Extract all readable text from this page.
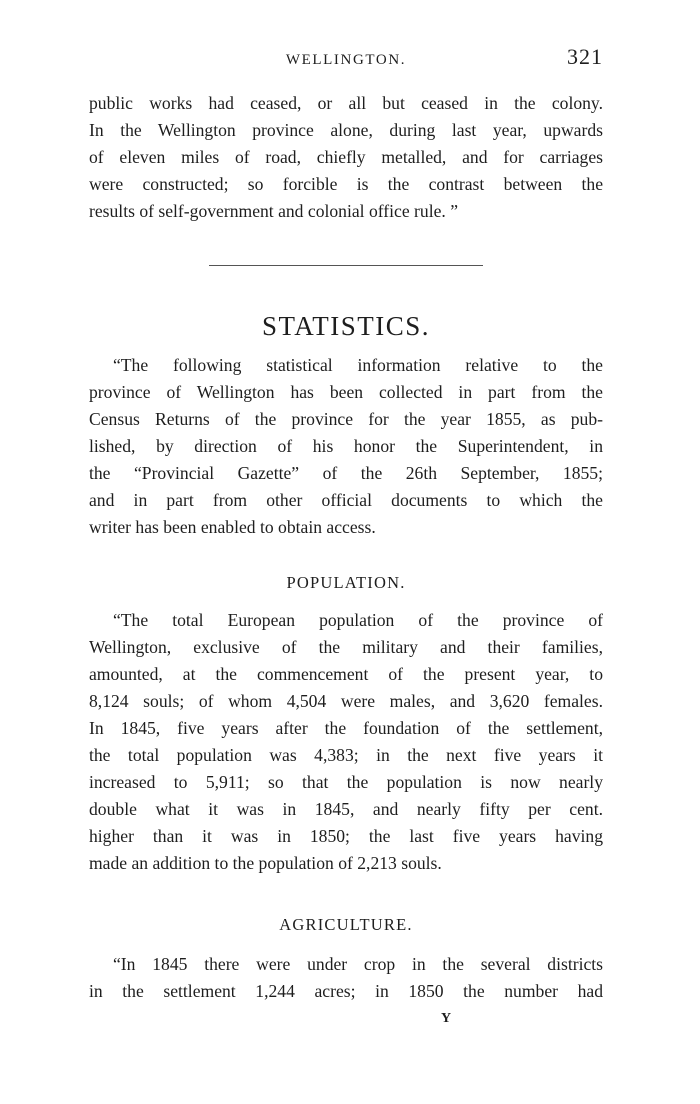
WELLINGTON.	321

public works had ceased, or all but ceased in the colony.
In the Wellington province alone, during last year, upwards
of eleven miles of road, chiefly metalled, and for carriages
were constructed; so forcible is the contrast between the
results of self-government and colonial office rule. ”

STATISTICS.

“The following statistical information relative to the
province of Wellington has been collected in part from the
Census Returns of the province for the year 1855, as pub-
lished, by direction of his honor the Superintendent, in
the “Provincial Gazette” of the 26th September, 1855;
and in part from other official documents to which the
writer has been enabled to obtain access.

POPULATION.

“The total European population of the province of
Wellington, exclusive of the military and their families,
amounted, at the commencement of the present year, to
8,124 souls; of whom 4,504 were males, and 3,620 females.
In 1845, five years after the foundation of the settlement,
the total population was 4,383; in the next five years it
increased to 5,911; so that the population is now nearly
double what it was in 1845, and nearly fifty per cent.
higher than it was in 1850; the last five years having
made an addition to the population of 2,213 souls.

AGRICULTURE.

“In 1845 there were under crop in the several districts
in the settlement 1,244 acres; in 1850 the number had

Y
